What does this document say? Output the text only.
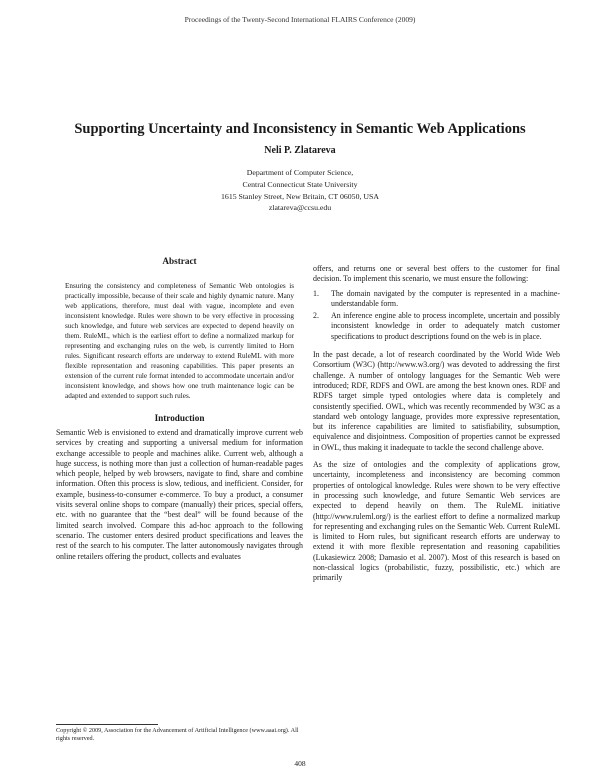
Proceedings of the Twenty-Second International FLAIRS Conference (2009)
Supporting Uncertainty and Inconsistency in Semantic Web Applications
Neli P. Zlatareva
Department of Computer Science,
Central Connecticut State University
1615 Stanley Street, New Britain, CT 06050, USA
zlatareva@ccsu.edu
Abstract

Ensuring the consistency and completeness of Semantic Web ontologies is practically impossible, because of their scale and highly dynamic nature. Many web applications, therefore, must deal with vague, incomplete and even inconsistent knowledge. Rules were shown to be very effective in processing such knowledge, and future web services are expected to depend heavily on them. RuleML, which is the earliest effort to define a normalized markup for representing and exchanging rules on the web, is currently limited to Horn rules. Significant research efforts are underway to extend RuleML with more flexible representation and reasoning capabilities. This paper presents an extension of the current rule format intended to accommodate uncertain and/or inconsistent knowledge, and shows how one truth maintenance logic can be adapted and extended to support such rules.

Introduction

Semantic Web is envisioned to extend and dramatically improve current web services by creating and supporting a universal medium for information exchange accessible to people and machines alike. Current web, although a huge success, is nothing more than just a collection of human-readable pages which people, helped by web browsers, navigate to find, share and combine information. Often this process is slow, tedious, and inefficient. Consider, for example, business-to-consumer e-commerce. To buy a product, a consumer visits several online shops to compare (manually) their prices, special offers, etc. with no guarantee that the “best deal” will be found because of the limited search involved. Compare this ad-hoc approach to the following scenario. The customer enters desired product specifications and leaves the rest of the search to his computer. The latter autonomously navigates through online retailers offering the product, collects and evaluates

offers, and returns one or several best offers to the customer for final decision. To implement this scenario, we must ensure the following:

1.	The domain navigated by the computer is represented in a machine-understandable form.
2.	An inference engine able to process incomplete, uncertain and possibly inconsistent knowledge in order to adequately match customer specifications to product descriptions found on the web is in place.

In the past decade, a lot of research coordinated by the World Wide Web Consortium (W3C) (http://www.w3.org/) was devoted to addressing the first challenge. A number of ontology languages for the Semantic Web were introduced; RDF, RDFS and OWL are among the best known ones. RDF and RDFS target simple typed ontologies where data is completely and consistently specified. OWL, which was recently recommended by W3C as a standard web ontology language, provides more expressive representation, but its inference capabilities are limited to satisfiability, subsumption, equivalence and disjointness. Composition of properties cannot be expressed in OWL, thus making it inadequate to tackle the second challenge above.

As the size of ontologies and the complexity of applications grow, uncertainty, incompleteness and inconsistency are becoming common properties of ontological knowledge. Rules were shown to be very effective in processing such knowledge, and future Semantic Web services are expected to depend heavily on them. The RuleML initiative (http://www.ruleml.org/) is the earliest effort to define a normalized markup for representing and exchanging rules on the Semantic Web. Current RuleML is limited to Horn rules, but significant research efforts are underway to extend it with more flexible representation and reasoning capabilities (Lukasiewicz 2008; Damasio et al. 2007). Most of this research is based on non-classical logics (probabilistic, fuzzy, possibilistic, etc.) which are primarily

Copyright © 2009, Association for the Advancement of Artificial Intelligence (www.aaai.org). All rights reserved.
408
